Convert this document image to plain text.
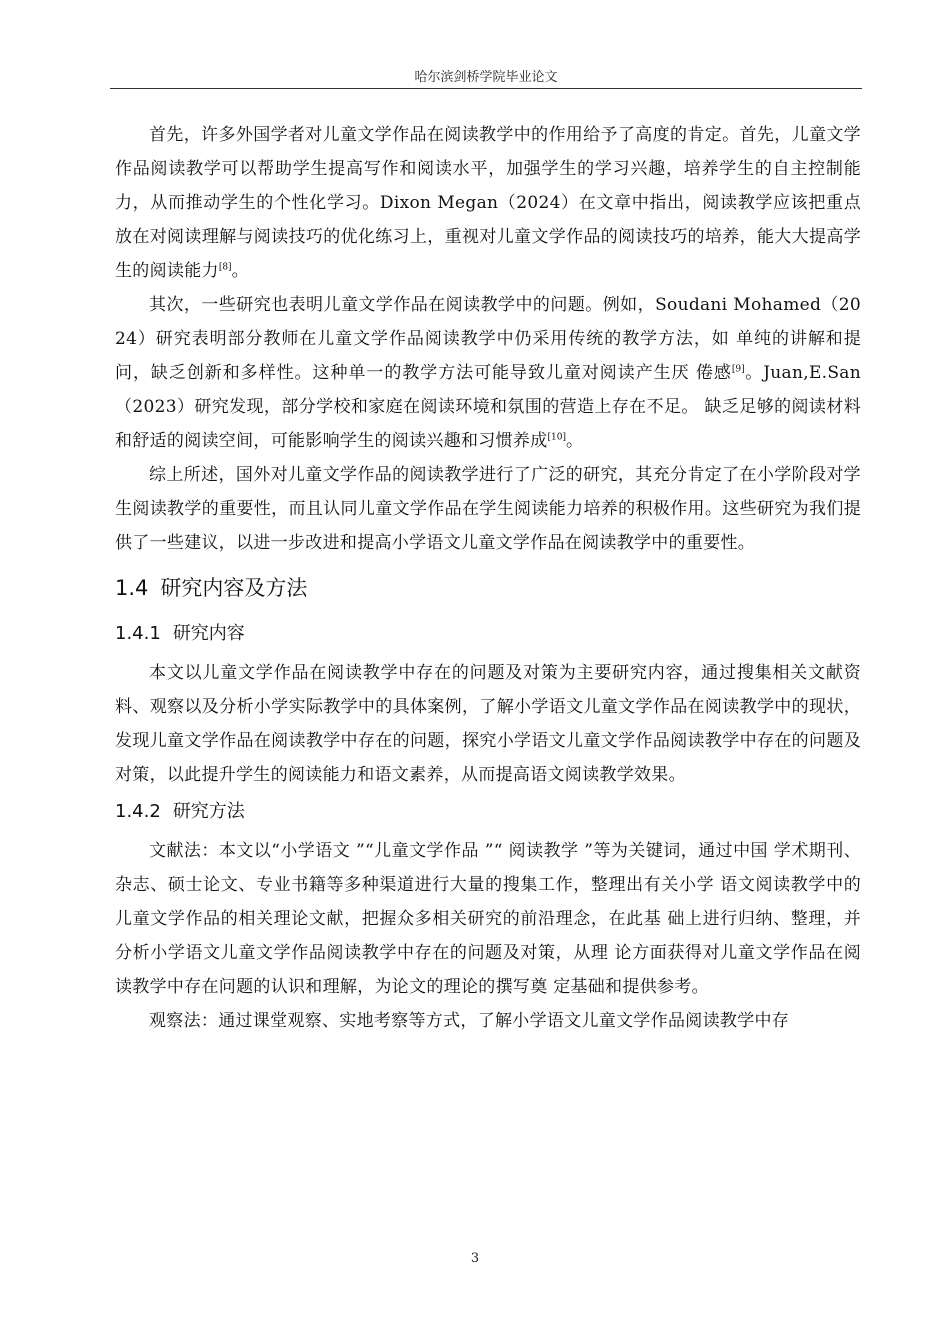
哈尔滨剑桥学院毕业论文

首先，许多外国学者对儿童文学作品在阅读教学中的作用给予了高度的肯定。首先，儿童文学作品阅读教学可以帮助学生提高写作和阅读水平，加强学生的学习兴趣，培养学生的自主控制能力，从而推动学生的个性化学习。Dixon Megan（2024）在文章中指出，阅读教学应该把重点放在对阅读理解与阅读技巧的优化练习上，重视对儿童文学作品的阅读技巧的培养，能大大提高学生的阅读能力[8]。

其次，一些研究也表明儿童文学作品在阅读教学中的问题。例如，Soudani Mohamed（2024）研究表明部分教师在儿童文学作品阅读教学中仍采用传统的教学方法，如 单纯的讲解和提问，缺乏创新和多样性。这种单一的教学方法可能导致儿童对阅读产生厌 倦感[9]。Juan,E.San（2023）研究发现，部分学校和家庭在阅读环境和氛围的营造上存在不足。 缺乏足够的阅读材料和舒适的阅读空间，可能影响学生的阅读兴趣和习惯养成[10]。

综上所述，国外对儿童文学作品的阅读教学进行了广泛的研究，其充分肯定了在小学阶段对学生阅读教学的重要性，而且认同儿童文学作品在学生阅读能力培养的积极作用。这些研究为我们提供了一些建议，以进一步改进和提高小学语文儿童文学作品在阅读教学中的重要性。

1.4 研究内容及方法
1.4.1 研究内容

本文以儿童文学作品在阅读教学中存在的问题及对策为主要研究内容，通过搜集相关文献资料、观察以及分析小学实际教学中的具体案例，了解小学语文儿童文学作品在阅读教学中的现状，发现儿童文学作品在阅读教学中存在的问题，探究小学语文儿童文学作品阅读教学中存在的问题及对策，以此提升学生的阅读能力和语文素养，从而提高语文阅读教学效果。

1.4.2 研究方法

文献法：本文以“小学语文 ”“儿童文学作品 ”“ 阅读教学 ”等为关键词，通过中国 学术期刊、杂志、硕士论文、专业书籍等多种渠道进行大量的搜集工作，整理出有关小学 语文阅读教学中的儿童文学作品的相关理论文献，把握众多相关研究的前沿理念，在此基 础上进行归纳、整理，并分析小学语文儿童文学作品阅读教学中存在的问题及对策，从理 论方面获得对儿童文学作品在阅读教学中存在问题的认识和理解，为论文的理论的撰写奠 定基础和提供参考。

观察法：通过课堂观察、实地考察等方式，了解小学语文儿童文学作品阅读教学中存

3
